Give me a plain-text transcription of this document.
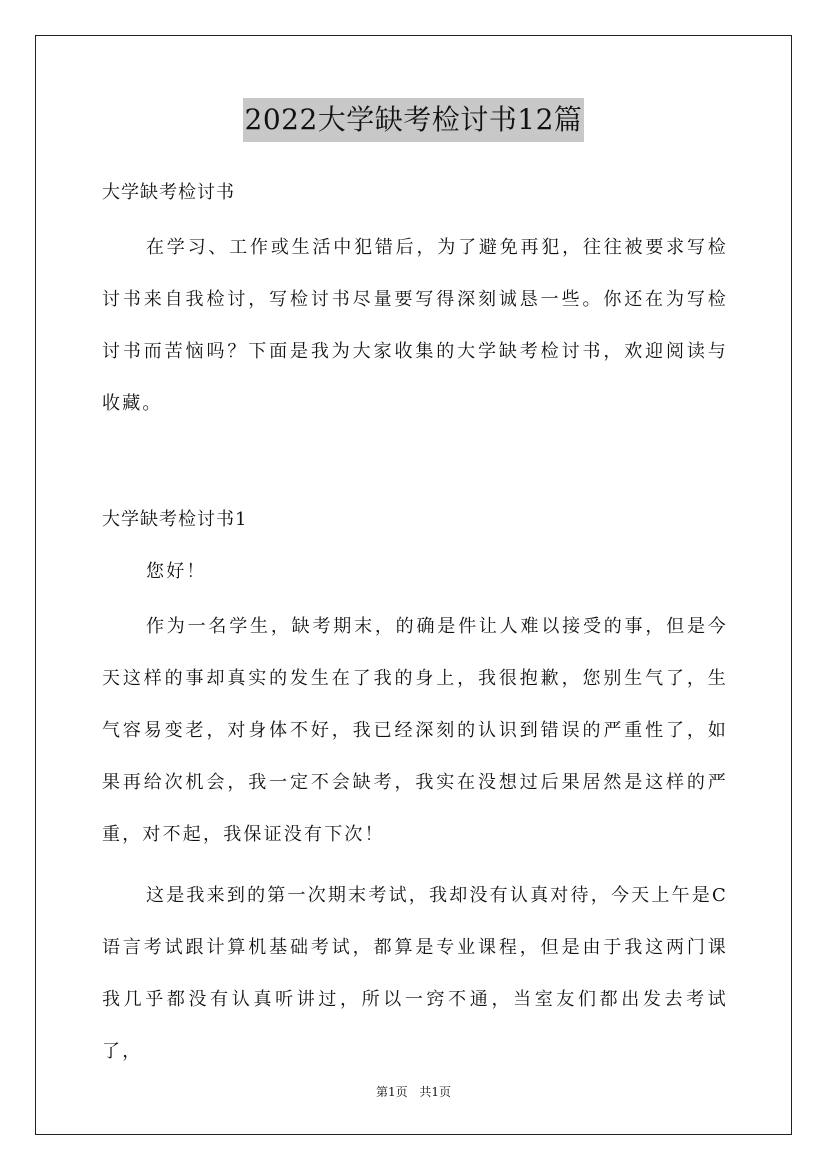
2022大学缺考检讨书12篇
大学缺考检讨书

在学习、工作或生活中犯错后，为了避免再犯，往往被要求写检讨书来自我检讨，写检讨书尽量要写得深刻诚恳一些。你还在为写检讨书而苦恼吗？下面是我为大家收集的大学缺考检讨书，欢迎阅读与收藏。

大学缺考检讨书1

您好！

作为一名学生，缺考期末，的确是件让人难以接受的事，但是今天这样的事却真实的发生在了我的身上，我很抱歉，您别生气了，生气容易变老，对身体不好，我已经深刻的认识到错误的严重性了，如果再给次机会，我一定不会缺考，我实在没想过后果居然是这样的严重，对不起，我保证没有下次！

这是我来到的第一次期末考试，我却没有认真对待，今天上午是C语言考试跟计算机基础考试，都算是专业课程，但是由于我这两门课我几乎都没有认真听讲过，所以一窍不通，当室友们都出发去考试了，

第1页 共1页
